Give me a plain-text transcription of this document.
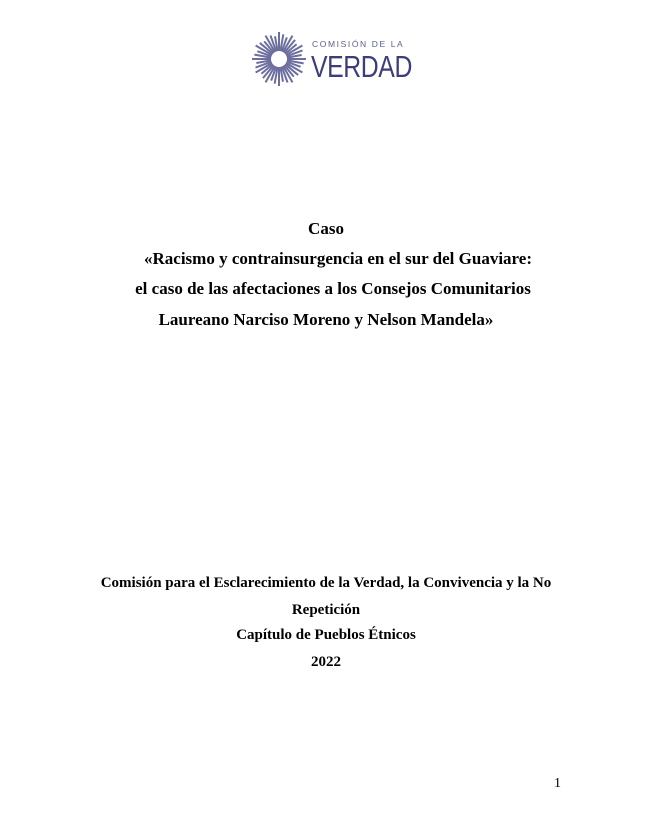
COMISIÓN DE LA
VERDAD
Caso
«Racismo y contrainsurgencia en el sur del Guaviare:
el caso de las afectaciones a los Consejos Comunitarios
Laureano Narciso Moreno y Nelson Mandela»
Comisión para el Esclarecimiento de la Verdad, la Convivencia y la No
Repetición
Capítulo de Pueblos Étnicos
2022
1
